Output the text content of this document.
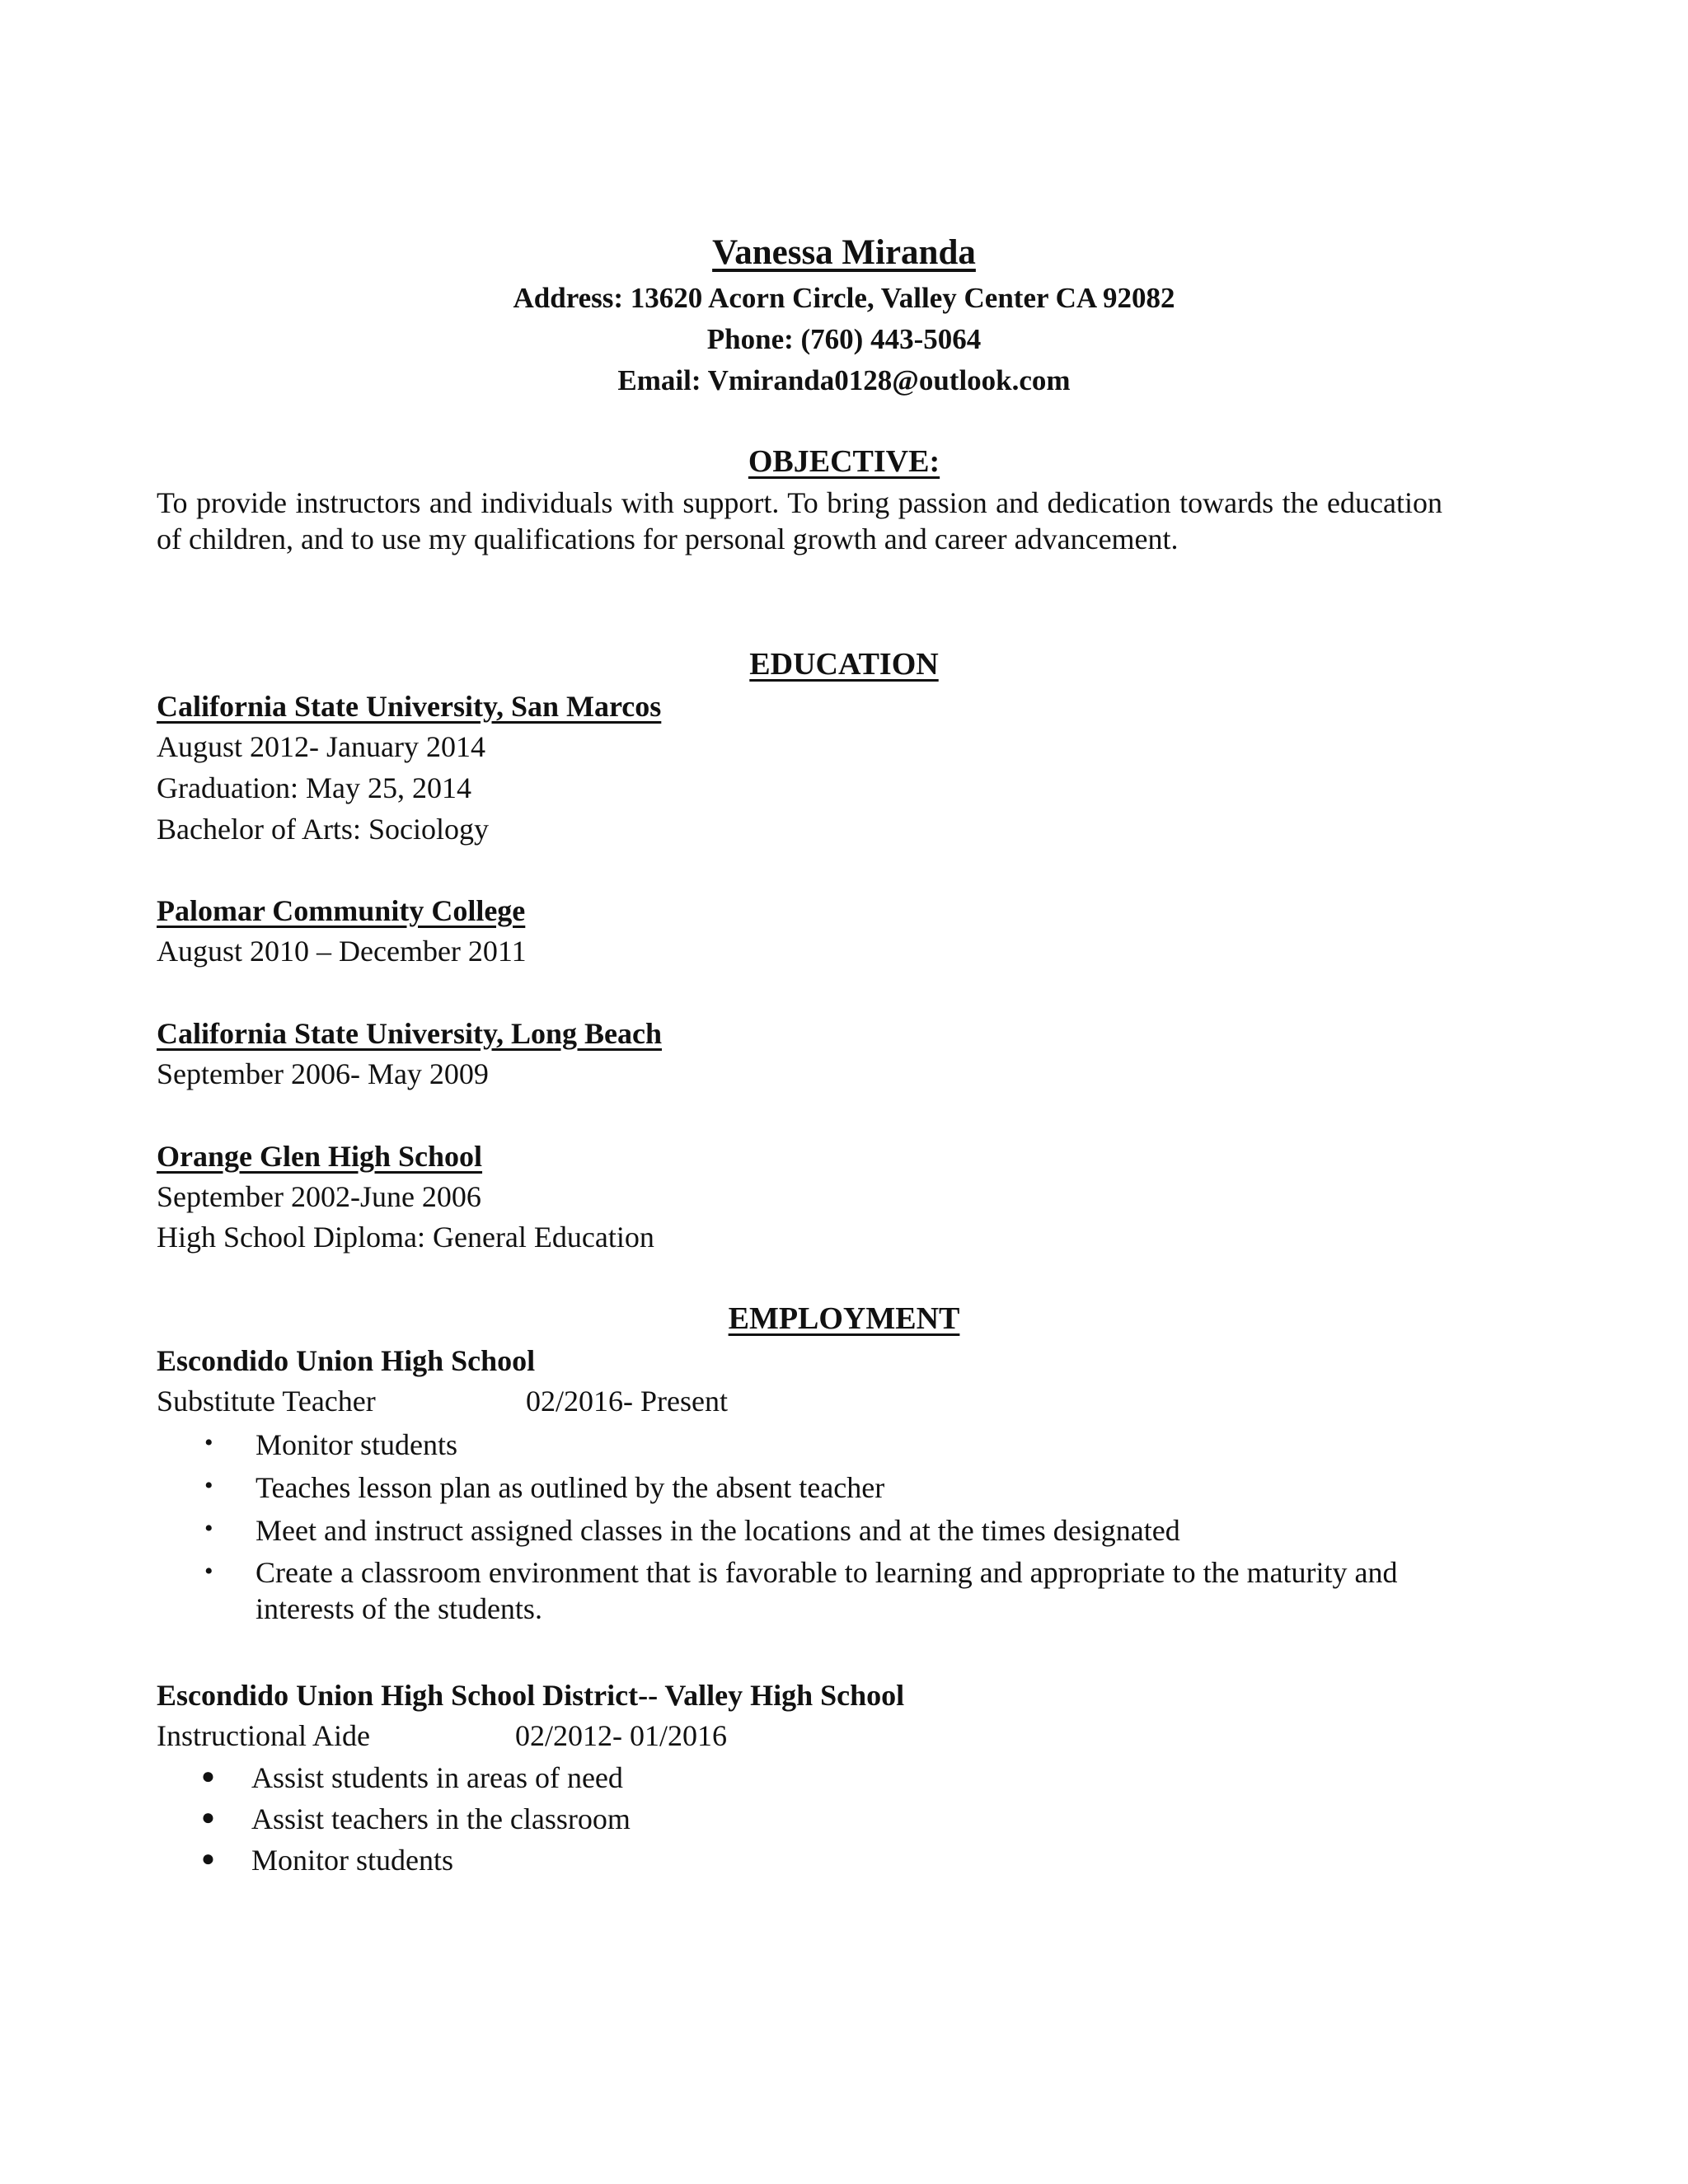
Vanessa Miranda
Address: 13620 Acorn Circle, Valley Center CA 92082
Phone: (760) 443-5064
Email: Vmiranda0128@outlook.com
OBJECTIVE:
To provide instructors and individuals with support. To bring passion and dedication towards the education of children, and to use my qualifications for personal growth and career advancement.
EDUCATION
California State University, San Marcos
August 2012- January 2014
Graduation: May 25, 2014
Bachelor of Arts: Sociology
Palomar Community College
August 2010 – December 2011
California State University, Long Beach
September 2006- May 2009
Orange Glen High School
September 2002-June 2006
High School Diploma: General Education
EMPLOYMENT
Escondido Union High School
Substitute Teacher	02/2016- Present
• Monitor students
• Teaches lesson plan as outlined by the absent teacher
• Meet and instruct assigned classes in the locations and at the times designated
• Create a classroom environment that is favorable to learning and appropriate to the maturity and interests of the students.
Escondido Union High School District-- Valley High School
Instructional Aide	02/2012- 01/2016
● Assist students in areas of need
● Assist teachers in the classroom
● Monitor students
